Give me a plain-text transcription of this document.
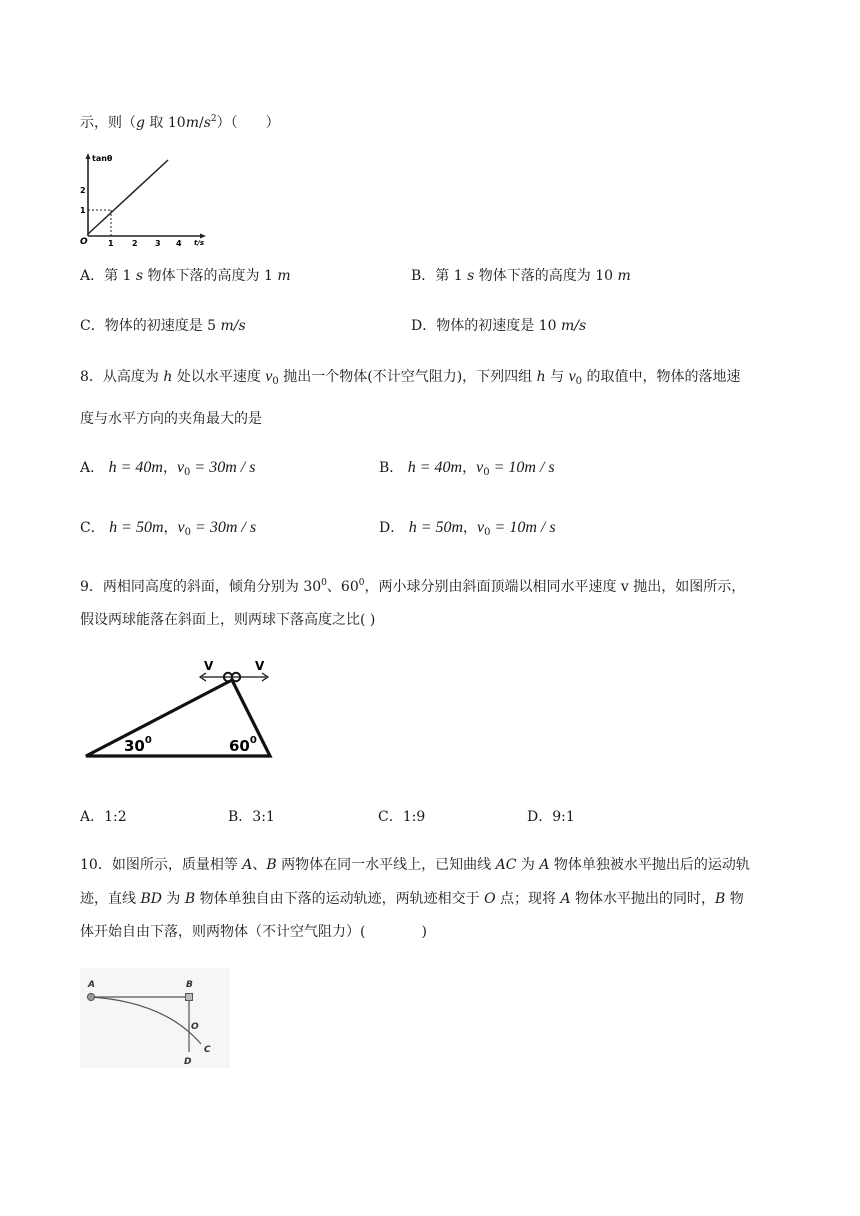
示，则（g 取 $10m/s^2$）（　　）
tanθ
O	1 2 3 4 t/s
1
2
A．第 1 s 物体下落的高度为 1 m	B．第 1 s 物体下落的高度为 10 m
C．物体的初速度是 5 m/s	D．物体的初速度是 10 m/s
8．从高度为 h 处以水平速度 $v_0$ 抛出一个物体(不计空气阻力)，下列四组 h 与 $v_0$ 的取值中，物体的落地速
度与水平方向的夹角最大的是
A． h = 40m，$v_0 = 30m / s$	B． h = 40m，$v_0 = 10m / s$
C． h = 50m，$v_0 = 30m / s$	D． h = 50m，$v_0 = 10m / s$
9．两相同高度的斜面，倾角分别为 $30^0$、$60^0$，两小球分别由斜面顶端以相同水平速度 v 抛出，如图所示，
假设两球能落在斜面上，则两球下落高度之比( )
V	V
$30^0$	$60^0$
A．1:2	B．3:1	C．1:9	D．9:1
10．如图所示，质量相等 A、B 两物体在同一水平线上，已知曲线 AC 为 A 物体单独被水平抛出后的运动轨
迹，直线 BD 为 B 物体单独自由下落的运动轨迹，两轨迹相交于 O 点；现将 A 物体水平抛出的同时，B 物
体开始自由下落，则两物体（不计空气阻力）(　　　　)
A	B
O
C
D
